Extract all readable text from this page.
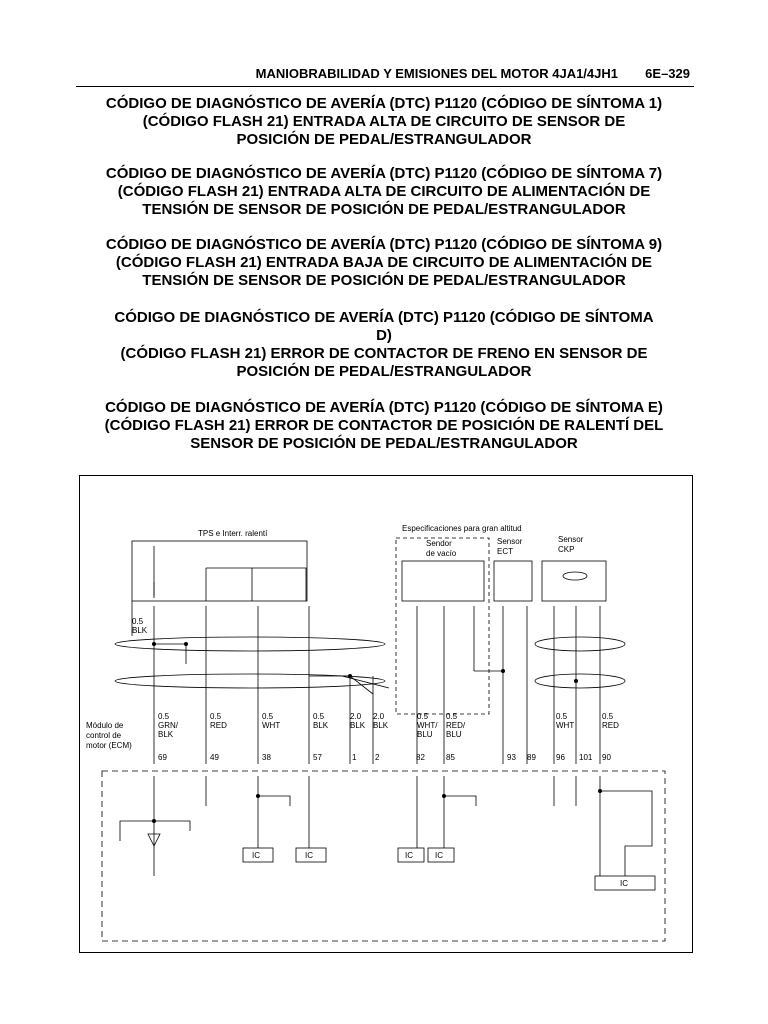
MANIOBRABILIDAD Y EMISIONES DEL MOTOR 4JA1/4JH1 6E–329
CÓDIGO DE DIAGNÓSTICO DE AVERÍA (DTC) P1120 (CÓDIGO DE SÍNTOMA 1)
(CÓDIGO FLASH 21) ENTRADA ALTA DE CIRCUITO DE SENSOR DE
POSICIÓN DE PEDAL/ESTRANGULADOR
CÓDIGO DE DIAGNÓSTICO DE AVERÍA (DTC) P1120 (CÓDIGO DE SÍNTOMA 7)
(CÓDIGO FLASH 21) ENTRADA ALTA DE CIRCUITO DE ALIMENTACIÓN DE
TENSIÓN DE SENSOR DE POSICIÓN DE PEDAL/ESTRANGULADOR
CÓDIGO DE DIAGNÓSTICO DE AVERÍA (DTC) P1120 (CÓDIGO DE SÍNTOMA 9)
(CÓDIGO FLASH 21) ENTRADA BAJA DE CIRCUITO DE ALIMENTACIÓN DE
TENSIÓN DE SENSOR DE POSICIÓN DE PEDAL/ESTRANGULADOR
CÓDIGO DE DIAGNÓSTICO DE AVERÍA (DTC) P1120 (CÓDIGO DE SÍNTOMA
D)
(CÓDIGO FLASH 21) ERROR DE CONTACTOR DE FRENO EN SENSOR DE
POSICIÓN DE PEDAL/ESTRANGULADOR
CÓDIGO DE DIAGNÓSTICO DE AVERÍA (DTC) P1120 (CÓDIGO DE SÍNTOMA E)
(CÓDIGO FLASH 21) ERROR DE CONTACTOR DE POSICIÓN DE RALENTÍ DEL
SENSOR DE POSICIÓN DE PEDAL/ESTRANGULADOR
TPS e Interr. ralentí
Especificaciones para gran altitud
Sendor
de vacío
Sensor
ECT
Sensor
CKP
Módulo de
control de
motor (ECM)
0.5
BLK
0.5
GRN/
BLK
69
0.5
RED
49
0.5
WHT
38
0.5
BLK
57
2.0
BLK
1
2.0
BLK
2
0.5
WHT/
BLU
82
0.5
RED/
BLU
85	93 89
0.5
WHT
96 101
0.5
RED
90
IC	IC	IC	IC
IC
